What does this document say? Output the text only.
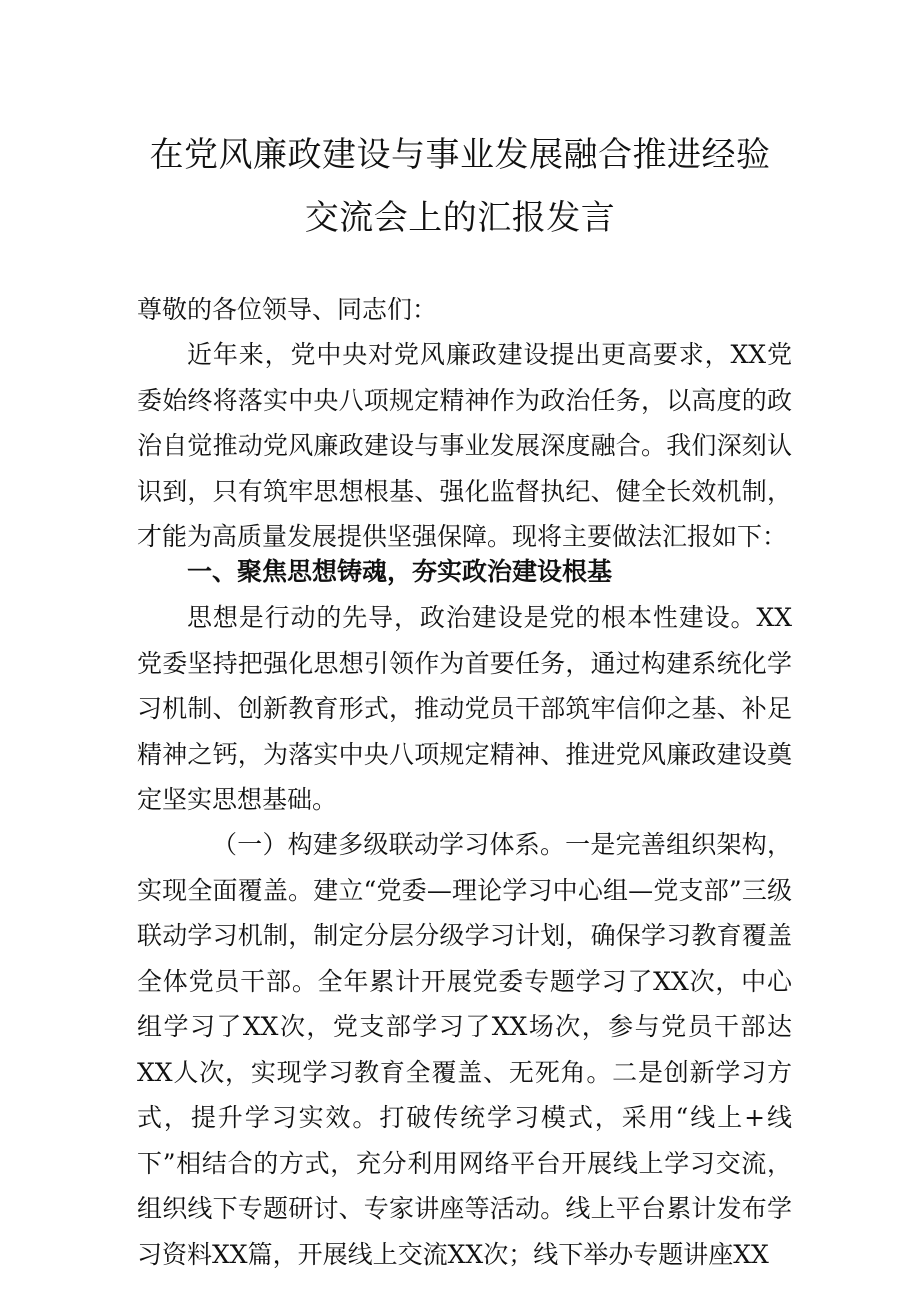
在党风廉政建设与事业发展融合推进经验
交流会上的汇报发言

尊敬的各位领导、同志们：

近年来，党中央对党风廉政建设提出更高要求，XX党委始终将落实中央八项规定精神作为政治任务，以高度的政治自觉推动党风廉政建设与事业发展深度融合。我们深刻认识到，只有筑牢思想根基、强化监督执纪、健全长效机制，才能为高质量发展提供坚强保障。现将主要做法汇报如下：

一、聚焦思想铸魂，夯实政治建设根基

思想是行动的先导，政治建设是党的根本性建设。XX党委坚持把强化思想引领作为首要任务，通过构建系统化学习机制、创新教育形式，推动党员干部筑牢信仰之基、补足精神之钙，为落实中央八项规定精神、推进党风廉政建设奠定坚实思想基础。

（一）构建多级联动学习体系。一是完善组织架构，实现全面覆盖。建立“党委—理论学习中心组—党支部”三级联动学习机制，制定分层分级学习计划，确保学习教育覆盖全体党员干部。全年累计开展党委专题学习了XX次，中心组学习了XX次，党支部学习了XX场次，参与党员干部达XX人次，实现学习教育全覆盖、无死角。二是创新学习方式，提升学习实效。打破传统学习模式，采用“线上+线下”相结合的方式，充分利用网络平台开展线上学习交流，组织线下专题研讨、专家讲座等活动。线上平台累计发布学习资料XX篇，开展线上交流XX次；线下举办专题讲座XX
